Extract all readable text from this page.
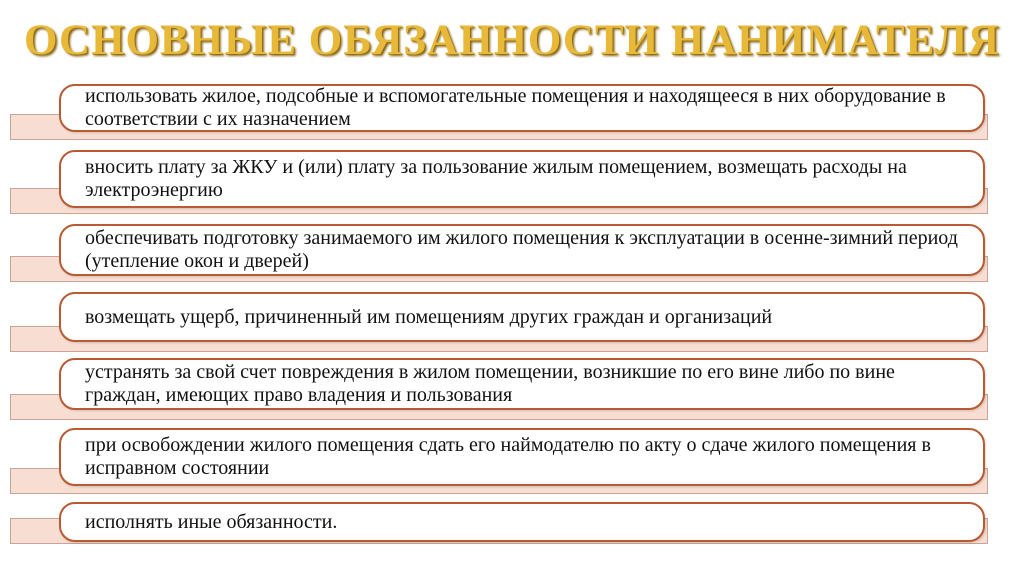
ОСНОВНЫЕ ОБЯЗАННОСТИ НАНИМАТЕЛЯ
использовать жилое, подсобные и вспомогательные помещения и находящееся в них оборудование в соответствии с их назначением
вносить плату за ЖКУ и (или) плату за пользование жилым помещением, возмещать расходы на электроэнергию
обеспечивать подготовку занимаемого им жилого помещения к эксплуатации в осенне-зимний период (утепление окон и дверей)
возмещать ущерб, причиненный им помещениям других граждан и организаций
устранять за свой счет повреждения в жилом помещении, возникшие по его вине либо по вине граждан, имеющих право владения и пользования
при освобождении жилого помещения сдать его наймодателю по акту о сдаче жилого помещения в исправном состоянии
исполнять иные обязанности.
